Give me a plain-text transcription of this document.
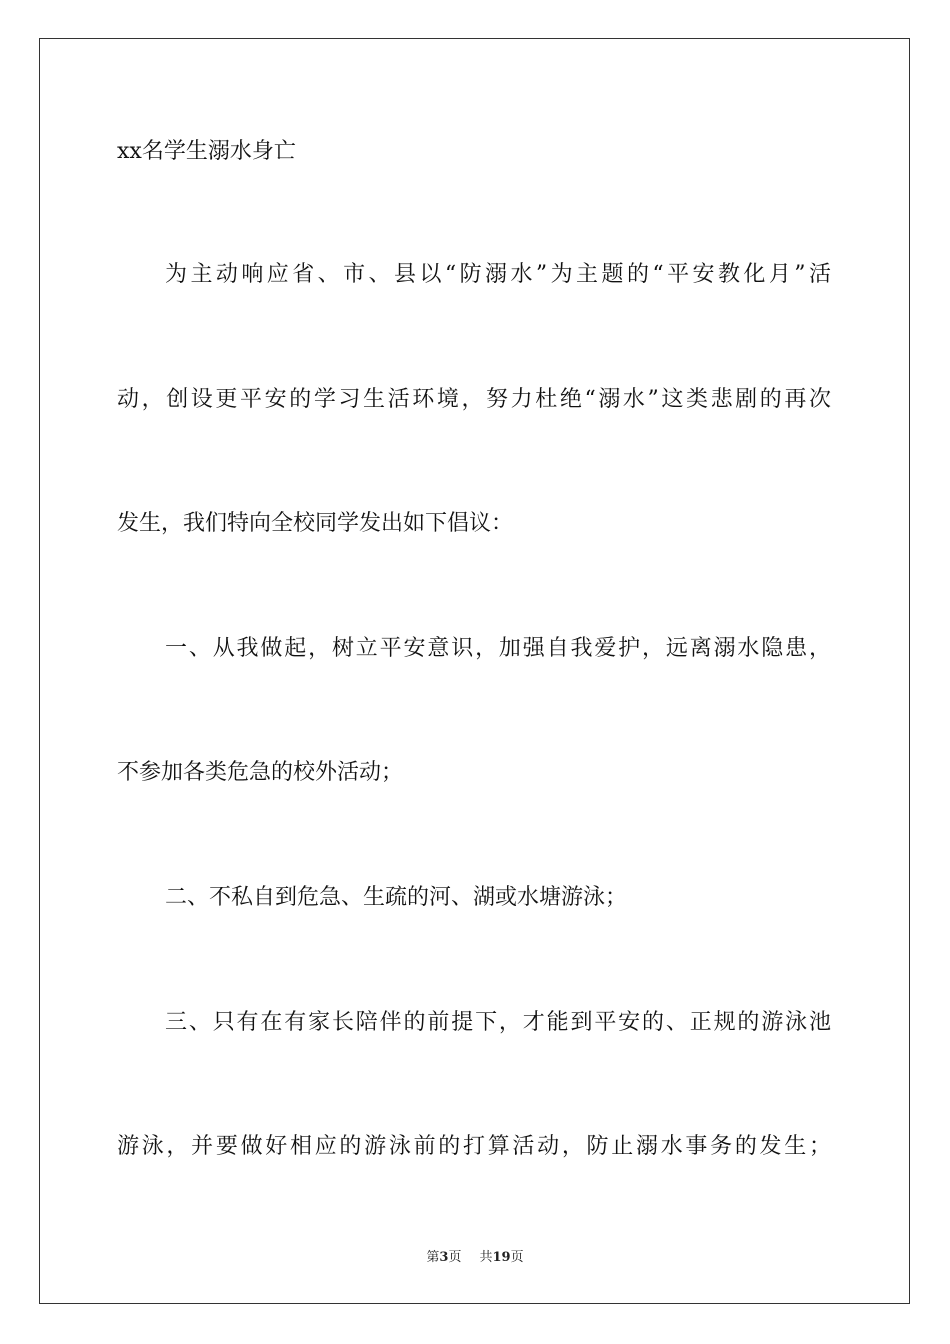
xx名学生溺水身亡
为主动响应省、市、县以“防溺水”为主题的“平安教化月”活
动，创设更平安的学习生活环境，努力杜绝“溺水”这类悲剧的再次
发生，我们特向全校同学发出如下倡议：
一、从我做起，树立平安意识，加强自我爱护，远离溺水隐患，
不参加各类危急的校外活动；
二、不私自到危急、生疏的河、湖或水塘游泳；
三、只有在有家长陪伴的前提下，才能到平安的、正规的游泳池
游泳，并要做好相应的游泳前的打算活动，防止溺水事务的发生；
第3页 共19页
